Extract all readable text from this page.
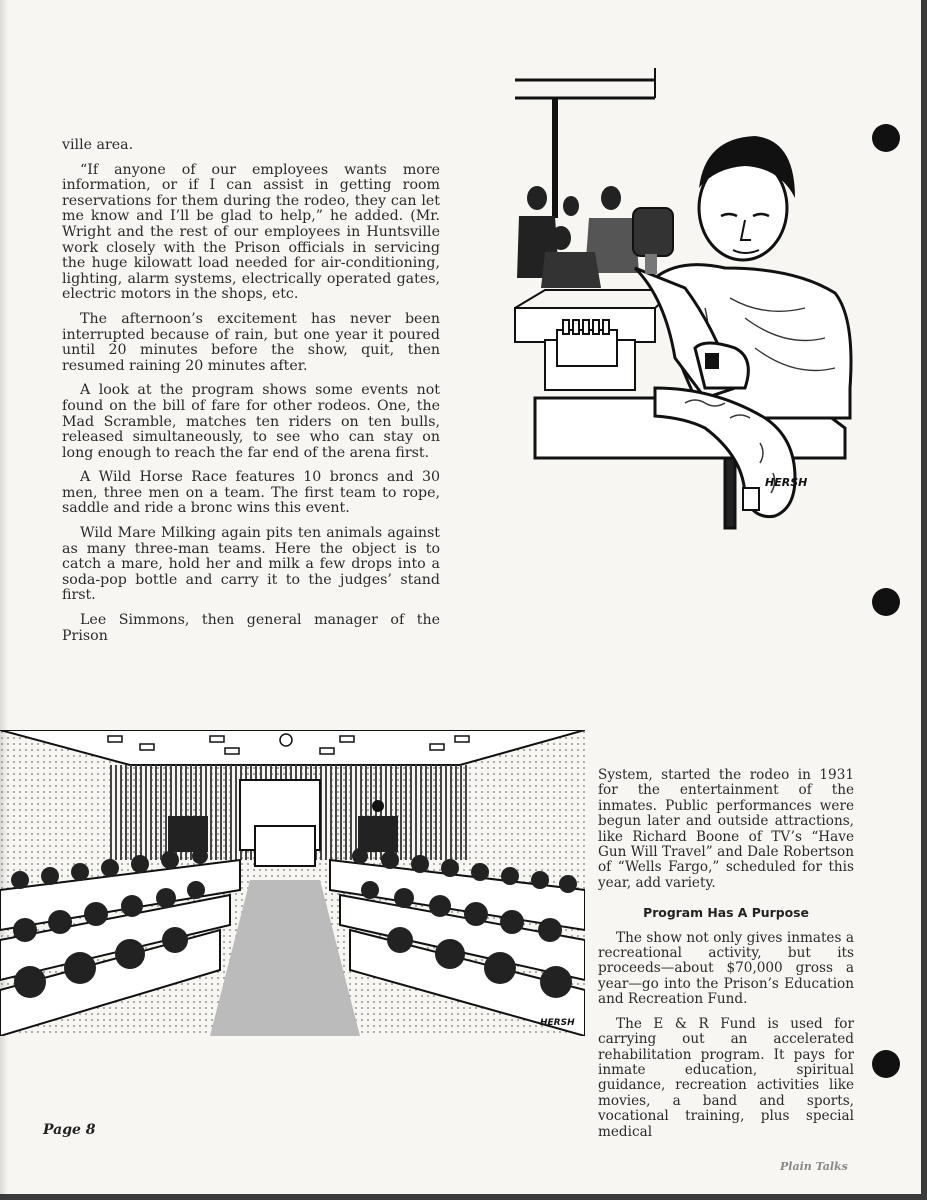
ville area.

“If anyone of our employees wants more information, or if I can assist in getting room reservations for them during the rodeo, they can let me know and I’ll be glad to help,” he added. (Mr. Wright and the rest of our employees in Huntsville work closely with the Prison officials in servicing the huge kilowatt load needed for air-conditioning, lighting, alarm systems, electrically operated gates, electric motors in the shops, etc.

The afternoon’s excitement has never been interrupted because of rain, but one year it poured until 20 minutes before the show, quit, then resumed raining 20 minutes after.

A look at the program shows some events not found on the bill of fare for other rodeos. One, the Mad Scramble, matches ten riders on ten bulls, released simultaneously, to see who can stay on long enough to reach the far end of the arena first.

A Wild Horse Race features 10 broncs and 30 men, three men on a team. The first team to rope, saddle and ride a bronc wins this event.

Wild Mare Milking again pits ten animals against as many three-man teams. Here the object is to catch a mare, hold her and milk a few drops into a soda-pop bottle and carry it to the judges’ stand first.

Lee Simmons, then general manager of the Prison

HERSH
HERSH

System, started the rodeo in 1931 for the entertainment of the inmates. Public performances were begun later and outside attractions, like Richard Boone of TV’s “Have Gun Will Travel” and Dale Robertson of “Wells Fargo,” scheduled for this year, add variety.

Program Has A Purpose

The show not only gives inmates a recreational activity, but its proceeds—about $70,000 gross a year—go into the Prison’s Education and Recreation Fund.

The E & R Fund is used for carrying out an accelerated rehabilitation program. It pays for inmate education, spiritual guidance, recreation activities like movies, a band and sports, vocational training, plus special medical

Page 8
Plain Talks
